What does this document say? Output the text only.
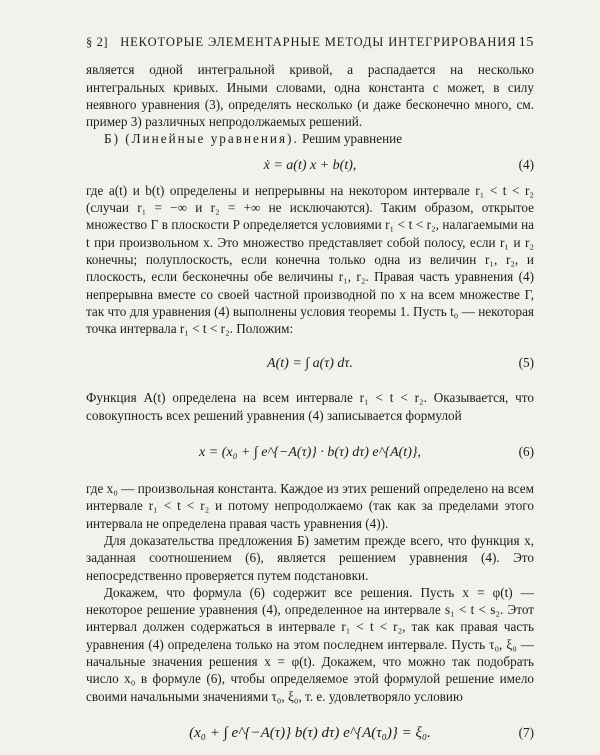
§ 2] НЕКОТОРЫЕ ЭЛЕМЕНТАРНЫЕ МЕТОДЫ ИНТЕГРИРОВАНИЯ 15

является одной интегральной кривой, а распадается на несколько интегральных кривых. Иными словами, одна константа c может, в силу неявного уравнения (3), определять несколько (и даже бесконечно много, см. пример 3) различных непродолжаемых решений.

Б) (Линейные уравнения). Решим уравнение

ẋ = a(t) x + b(t),	(4)

где a(t) и b(t) определены и непрерывны на некотором интервале r₁ < t < r₂ (случаи r₁ = −∞ и r₂ = +∞ не исключаются). Таким образом, открытое множество Γ в плоскости P определяется условиями r₁ < t < r₂, налагаемыми на t при произвольном x. Это множество представляет собой полосу, если r₁ и r₂ конечны; полуплоскость, если конечна только одна из величин r₁, r₂, и плоскость, если бесконечны обе величины r₁, r₂. Правая часть уравнения (4) непрерывна вместе со своей частной производной по x на всем множестве Γ, так что для уравнения (4) выполнены условия теоремы 1. Пусть t₀ — некоторая точка интервала r₁ < t < r₂. Положим:

A(t) = ∫ a(τ) dτ.	(5)

Функция A(t) определена на всем интервале r₁ < t < r₂. Оказывается, что совокупность всех решений уравнения (4) записывается формулой

x = (x₀ + ∫ e^{−A(τ)} · b(τ) dτ) e^{A(t)},	(6)

где x₀ — произвольная константа. Каждое из этих решений определено на всем интервале r₁ < t < r₂ и потому непродолжаемо (так как за пределами этого интервала не определена правая часть уравнения (4)).

Для доказательства предложения Б) заметим прежде всего, что функция x, заданная соотношением (6), является решением уравнения (4). Это непосредственно проверяется путем подстановки.

Докажем, что формула (6) содержит все решения. Пусть x = φ(t) — некоторое решение уравнения (4), определенное на интервале s₁ < t < s₂. Этот интервал должен содержаться в интервале r₁ < t < r₂, так как правая часть уравнения (4) определена только на этом последнем интервале. Пусть τ₀, ξ₀ — начальные значения решения x = φ(t). Докажем, что можно так подобрать число x₀ в формуле (6), чтобы определяемое этой формулой решение имело своими начальными значениями τ₀, ξ₀, т. е. удовлетворяло условию

(x₀ + ∫ e^{−A(τ)} b(τ) dτ) e^{A(τ₀)} = ξ₀.	(7)
